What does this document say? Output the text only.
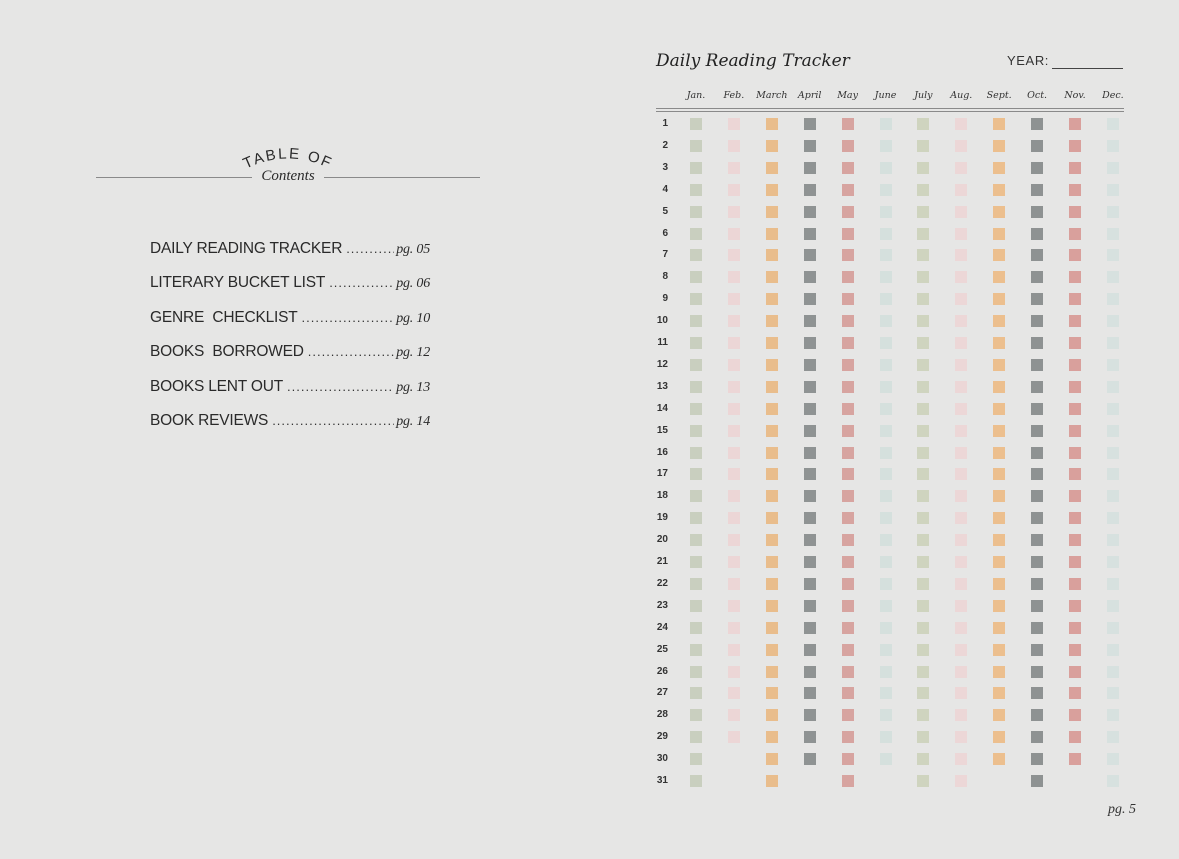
TABLE OF
Contents
DAILY READING TRACKER .....	pg. 05
LITERARY BUCKET LIST .....	pg. 06
GENRE  CHECKLIST .....	pg. 10
BOOKS  BORROWED .....	pg. 12
BOOKS LENT OUT .....	pg. 13
BOOK REVIEWS .....	pg. 14
Daily Reading Tracker	YEAR:
Jan.	Feb.	March	April	May	June	July	Aug.	Sept.	Oct.	Nov.	Dec.
1
2
3
4
5
6
7
8
9
10
11
12
13
14
15
16
17
18
19
20
21
22
23
24
25
26
27
28
29
30
31
pg. 5
